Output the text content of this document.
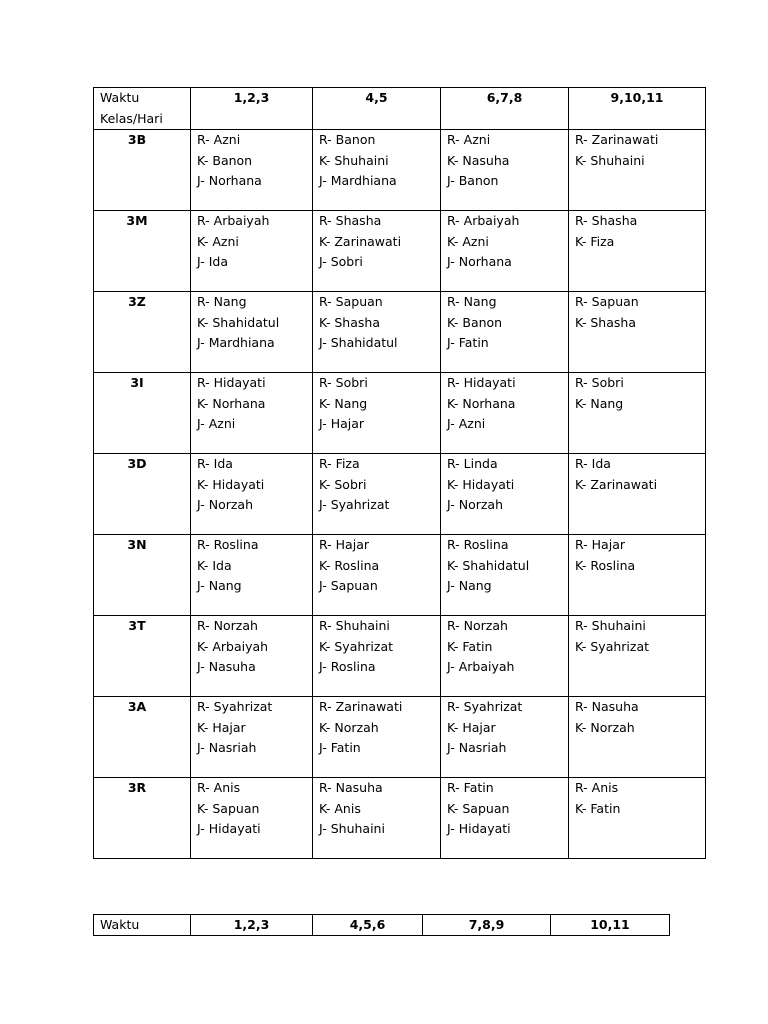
Waktu
Kelas/Hari	1,2,3	4,5	6,7,8	9,10,11
3B	R- Azni
K- Banon
J- Norhana	R- Banon
K- Shuhaini
J- Mardhiana	R- Azni
K- Nasuha
J- Banon	R- Zarinawati
K- Shuhaini

3M	R- Arbaiyah
K- Azni
J- Ida	R- Shasha
K- Zarinawati
J- Sobri	R- Arbaiyah
K- Azni
J- Norhana	R- Shasha
K- Fiza

3Z	R- Nang
K- Shahidatul
J- Mardhiana	R- Sapuan
K- Shasha
J- Shahidatul	R- Nang
K- Banon
J- Fatin	R- Sapuan
K- Shasha

3I	R- Hidayati
K- Norhana
J- Azni	R- Sobri
K- Nang
J- Hajar	R- Hidayati
K- Norhana
J- Azni	R- Sobri
K- Nang

3D	R- Ida
K- Hidayati
J- Norzah	R- Fiza
K- Sobri
J- Syahrizat	R- Linda
K- Hidayati
J- Norzah	R- Ida
K- Zarinawati

3N	R- Roslina
K- Ida
J- Nang	R- Hajar
K- Roslina
J- Sapuan	R- Roslina
K- Shahidatul
J- Nang	R- Hajar
K- Roslina

3T	R- Norzah
K- Arbaiyah
J- Nasuha	R- Shuhaini
K- Syahrizat
J- Roslina	R- Norzah
K- Fatin
J- Arbaiyah	R- Shuhaini
K- Syahrizat

3A	R- Syahrizat
K- Hajar
J- Nasriah	R- Zarinawati
K- Norzah
J- Fatin	R- Syahrizat
K- Hajar
J- Nasriah	R- Nasuha
K- Norzah

3R	R- Anis
K- Sapuan
J- Hidayati	R- Nasuha
K- Anis
J- Shuhaini	R- Fatin
K- Sapuan
J- Hidayati	R- Anis
K- Fatin
Waktu	1,2,3	4,5,6	7,8,9	10,11
